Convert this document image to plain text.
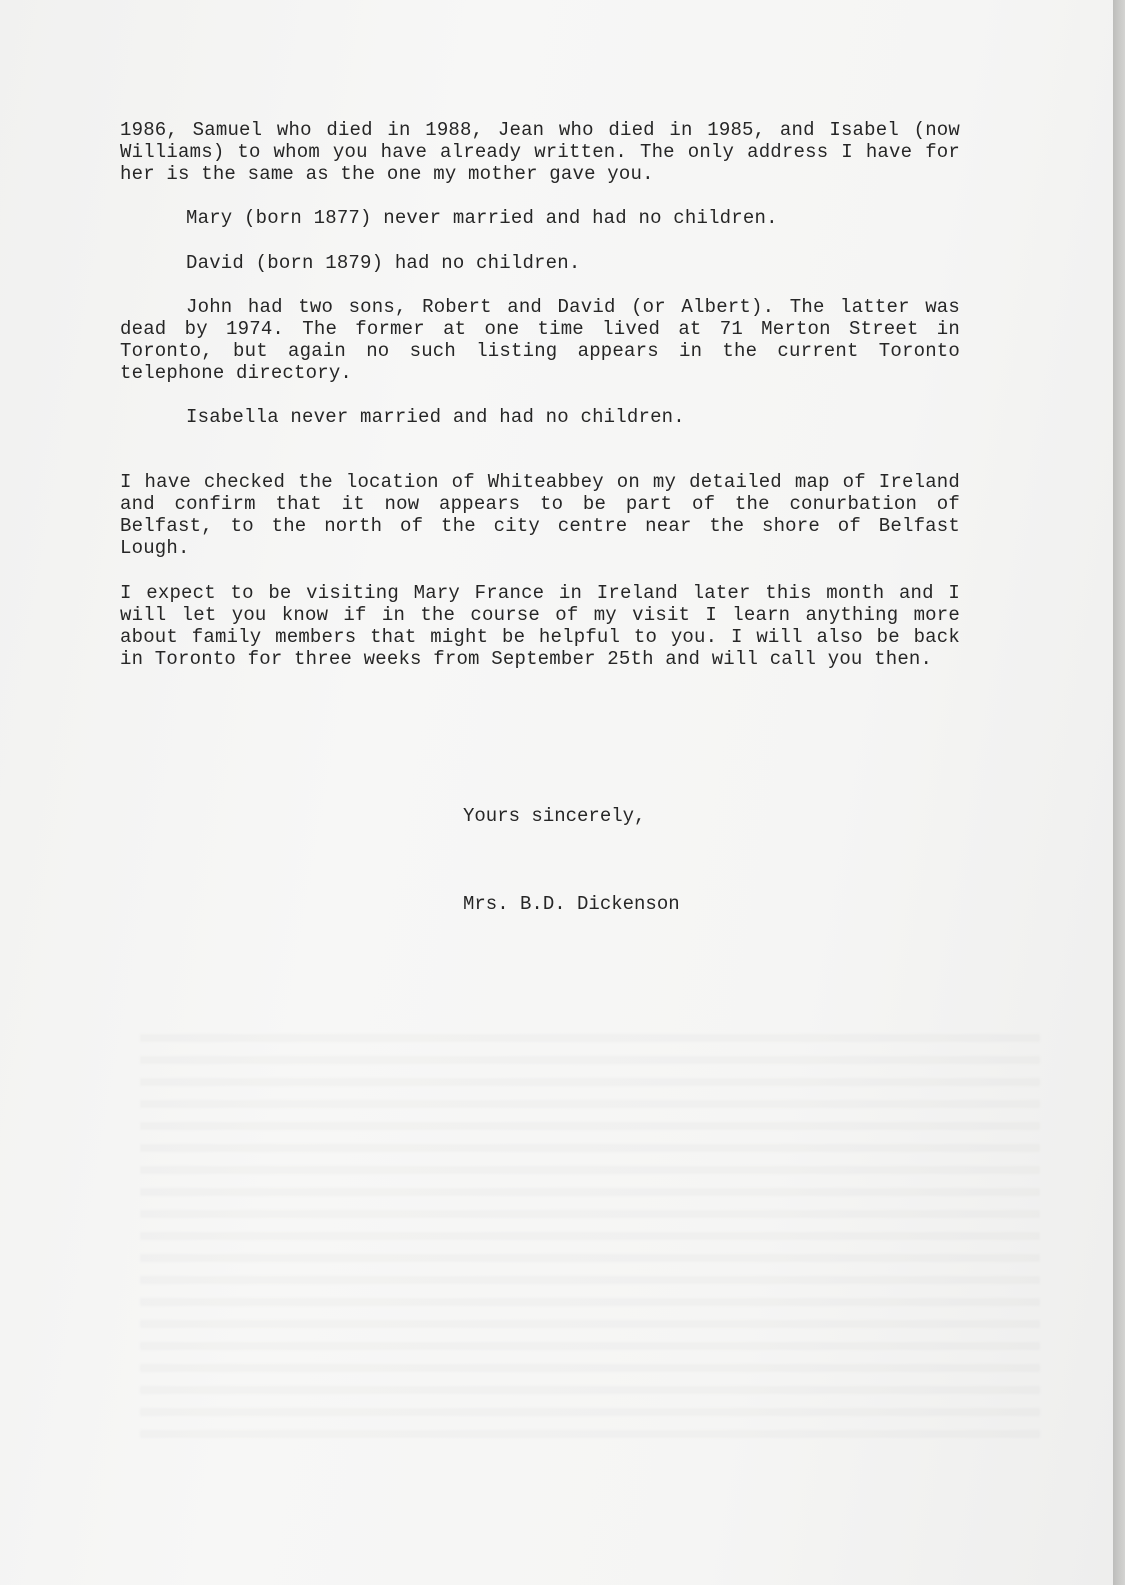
1986, Samuel who died in 1988, Jean who died in 1985, and Isabel (now Williams) to whom you have already written. The only address I have for her is the same as the one my mother gave you.

Mary (born 1877) never married and had no children.

David (born 1879) had no children.

John had two sons, Robert and David (or Albert). The latter was dead by 1974. The former at one time lived at 71 Merton Street in Toronto, but again no such listing appears in the current Toronto telephone directory.

Isabella never married and had no children.

I have checked the location of Whiteabbey on my detailed map of Ireland and confirm that it now appears to be part of the conurbation of Belfast, to the north of the city centre near the shore of Belfast Lough.

I expect to be visiting Mary France in Ireland later this month and I will let you know if in the course of my visit I learn anything more about family members that might be helpful to you. I will also be back in Toronto for three weeks from September 25th and will call you then.

Yours sincerely,

Mrs. B.D. Dickenson
